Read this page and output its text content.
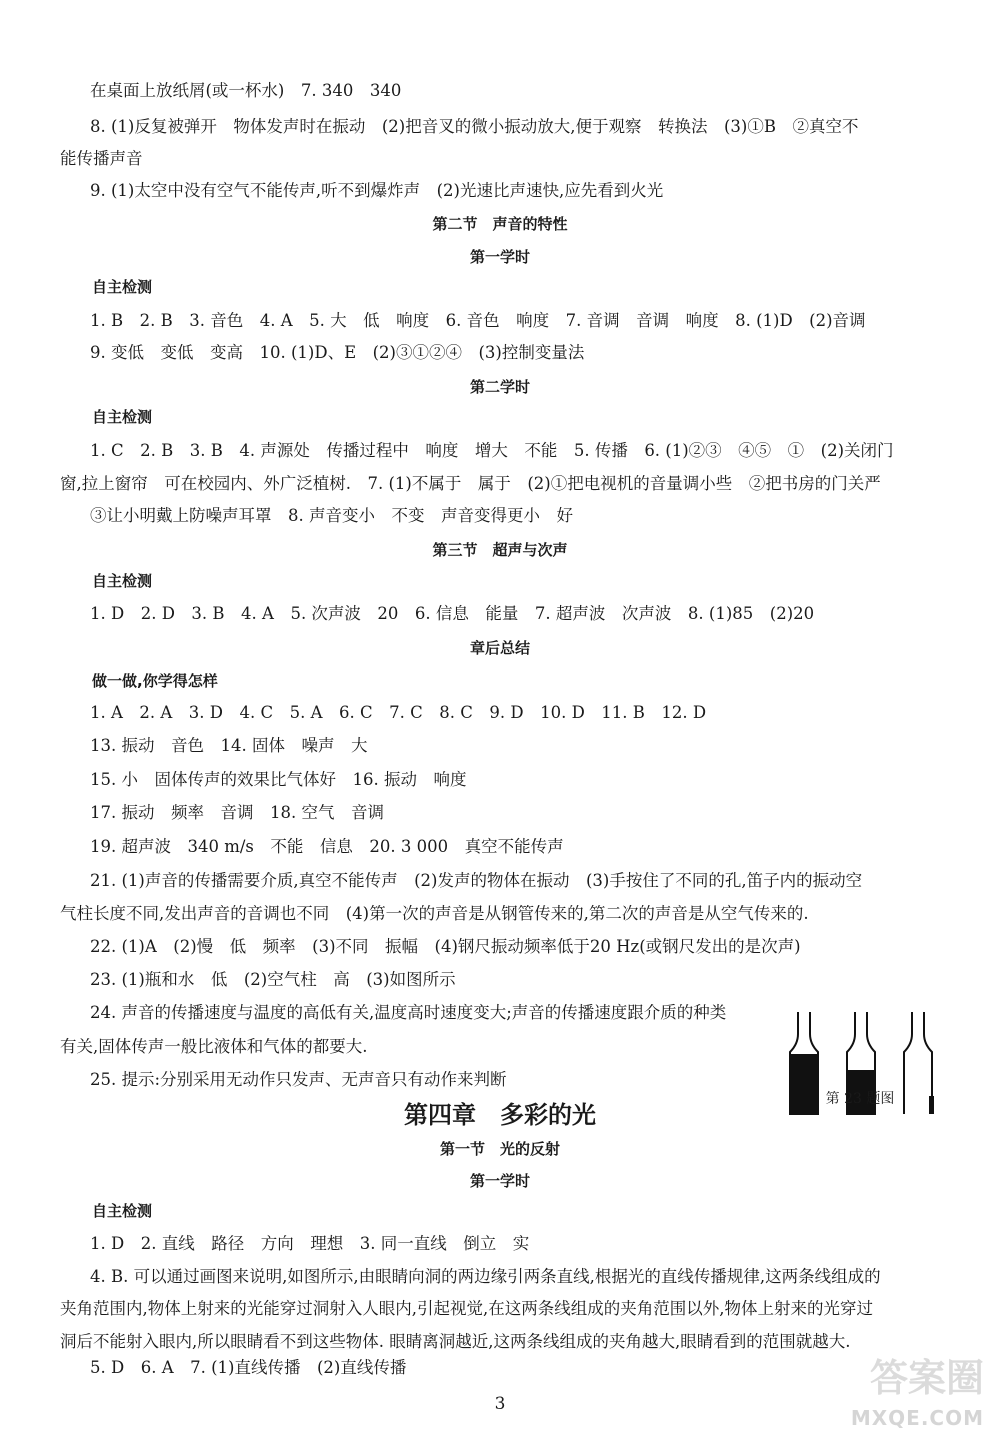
在桌面上放纸屑(或一杯水)　7. 340　340
8. (1)反复被弹开　物体发声时在振动　(2)把音叉的微小振动放大,便于观察　转换法　(3)①B　②真空不
能传播声音
9. (1)太空中没有空气不能传声,听不到爆炸声　(2)光速比声速快,应先看到火光
第二节　声音的特性
第一学时
自主检测
1. B　2. B　3. 音色　4. A　5. 大　低　响度　6. 音色　响度　7. 音调　音调　响度　8. (1)D　(2)音调
9. 变低　变低　变高　10. (1)D、E　(2)③①②④　(3)控制变量法
第二学时
自主检测
1. C　2. B　3. B　4. 声源处　传播过程中　响度　增大　不能　5. 传播　6. (1)②③　④⑤　①　(2)关闭门
窗,拉上窗帘　可在校园内、外广泛植树.　7. (1)不属于　属于　(2)①把电视机的音量调小些　②把书房的门关严
③让小明戴上防噪声耳罩　8. 声音变小　不变　声音变得更小　好
第三节　超声与次声
自主检测
1. D　2. D　3. B　4. A　5. 次声波　20　6. 信息　能量　7. 超声波　次声波　8. (1)85　(2)20
章后总结
做一做,你学得怎样
1. A　2. A　3. D　4. C　5. A　6. C　7. C　8. C　9. D　10. D　11. B　12. D
13. 振动　音色　14. 固体　噪声　大
15. 小　固体传声的效果比气体好　16. 振动　响度
17. 振动　频率　音调　18. 空气　音调
19. 超声波　340 m/s　不能　信息　20. 3 000　真空不能传声
21. (1)声音的传播需要介质,真空不能传声　(2)发声的物体在振动　(3)手按住了不同的孔,笛子内的振动空
气柱长度不同,发出声音的音调也不同　(4)第一次的声音是从钢管传来的,第二次的声音是从空气传来的.
22. (1)A　(2)慢　低　频率　(3)不同　振幅　(4)钢尺振动频率低于20 Hz(或钢尺发出的是次声)
23. (1)瓶和水　低　(2)空气柱　高　(3)如图所示
24. 声音的传播速度与温度的高低有关,温度高时速度变大;声音的传播速度跟介质的种类
有关,固体传声一般比液体和气体的都要大.
25. 提示:分别采用无动作只发声、无声音只有动作来判断
第 23 题图
第四章　多彩的光
第一节　光的反射
第一学时
自主检测
1. D　2. 直线　路径　方向　理想　3. 同一直线　倒立　实
4. B. 可以通过画图来说明,如图所示,由眼睛向洞的两边缘引两条直线,根据光的直线传播规律,这两条线组成的
夹角范围内,物体上射来的光能穿过洞射入人眼内,引起视觉,在这两条线组成的夹角范围以外,物体上射来的光穿过
洞后不能射入眼内,所以眼睛看不到这些物体. 眼睛离洞越近,这两条线组成的夹角越大,眼睛看到的范围就越大.
5. D　6. A　7. (1)直线传播　(2)直线传播
3
答案圈
MXQE.COM
